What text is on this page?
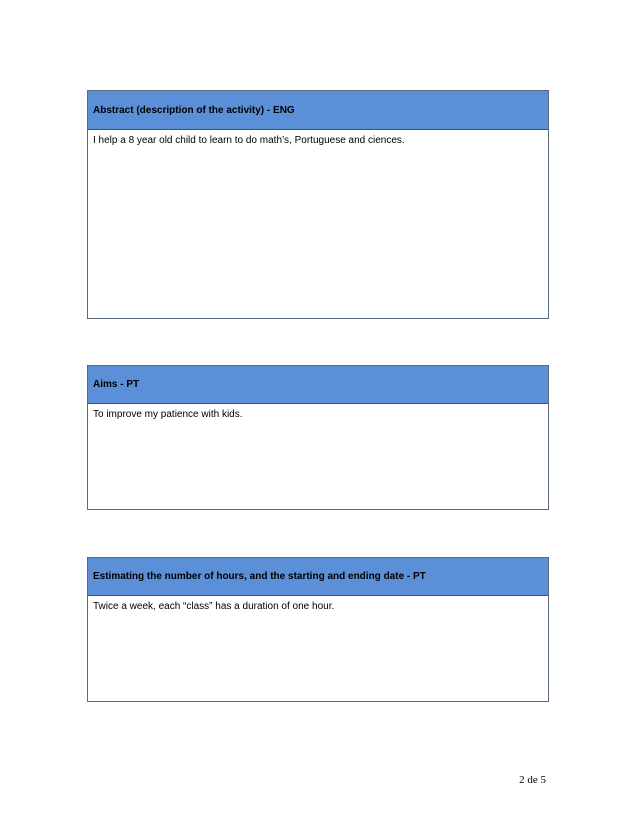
Abstract (description of the activity) - ENG
I help a 8 year old child to learn to do math’s, Portuguese and ciences.
Aims - PT
To improve my patience with kids.
Estimating the number of hours, and the starting and ending date - PT
Twice a week, each “class” has a duration of one hour.
2 de 5
